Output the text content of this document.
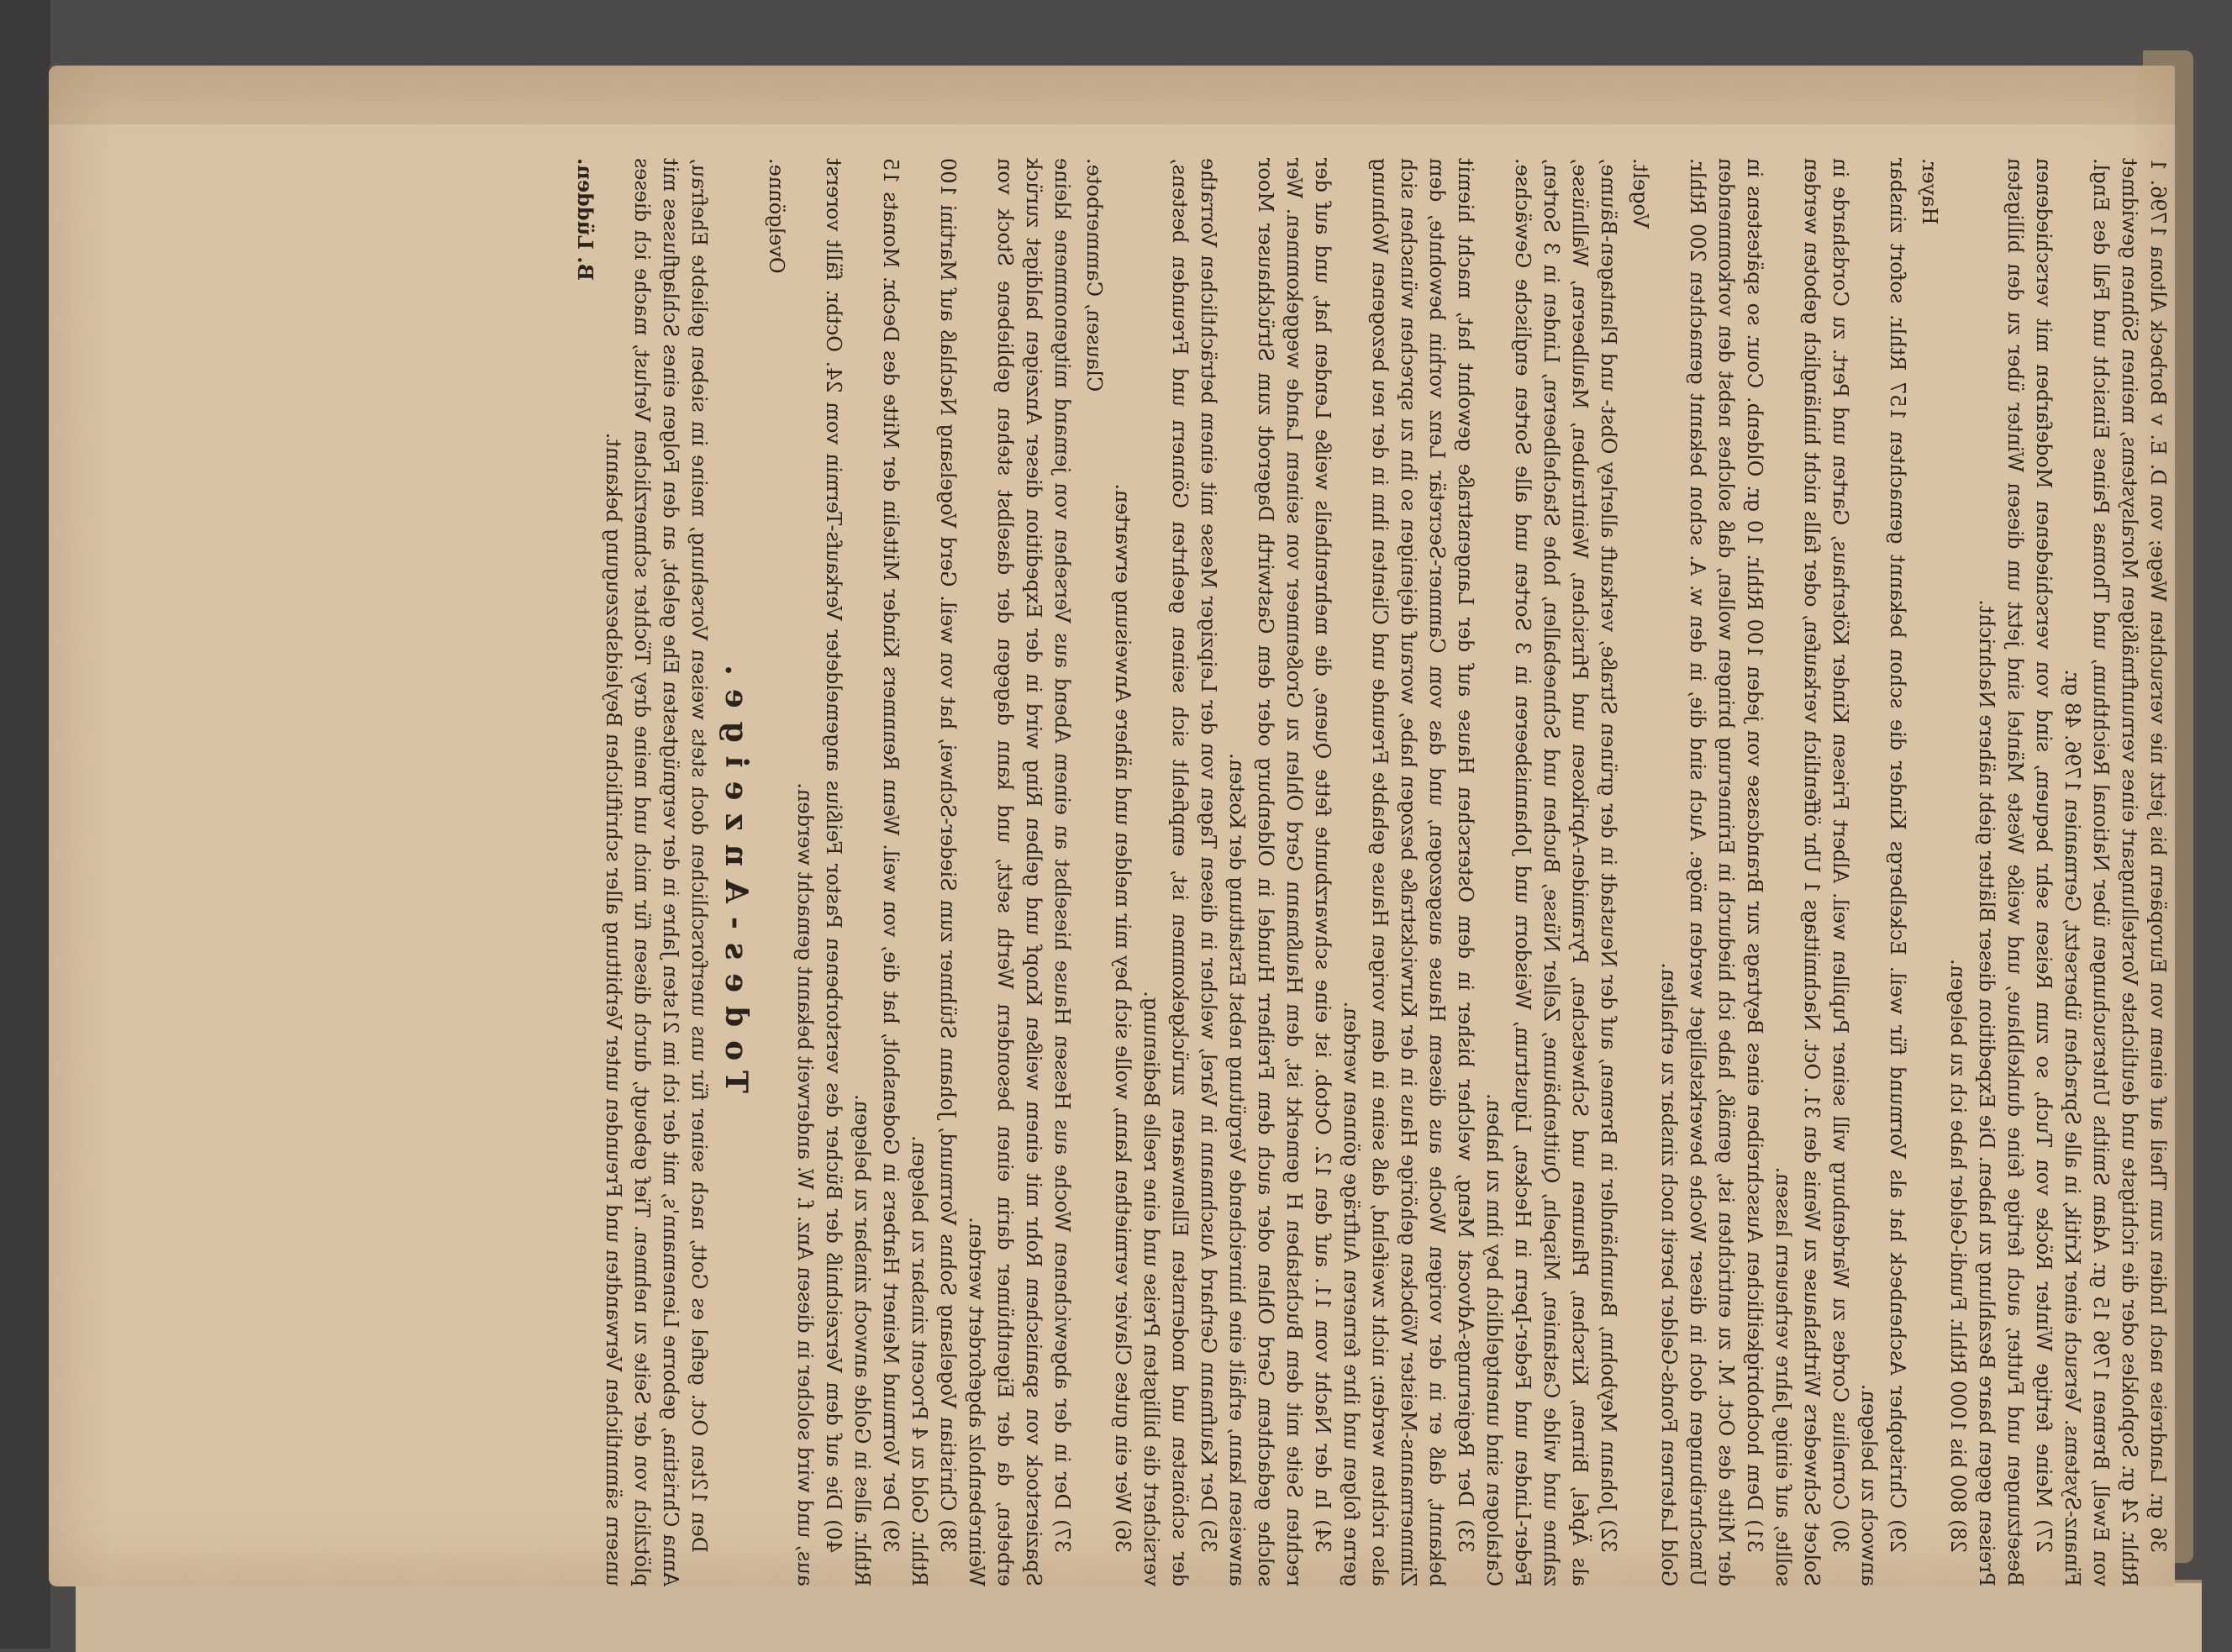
36 gr. Landreise nach Indien zum Theil auf einem von Europäern bis jetzt nie versuchten Wege; von D. E. v Borbeck Altona 1796. 1 Rthlr. 24 gr. Sophokles oder die richtigste und deutlichste Vorstellungsart eines vernunftmäßigen Moralsystems, meinen Söhnen gewidmet von Ewell, Bremen 1796 15 gr. Adam Smiths Untersuchungen über National Reichthum, und Thomas Paines Einsicht und Fall des Engl. Finanz-Systems. Versuch einer Kritik, in alle Sprachen übersetzt, Germanien 1796. 48 gr.

27) Meine fertige Winter Röcke von Tuch, so zum Reisen sehr bequem, sind von verschiedenen Modefarben mit verschiedenen Besetzungen und Futter, auch fertige feine dunkelblaue, und weiße Weste Mäntel sind jetzt um diesen Winter über zu den billigsten Preisen gegen baare Bezahlung zu haben. Die Expedition dieser Blätter giebt nähere Nachricht.

28) 800 bis 1000 Rthlr. Fundi-Gelder habe ich zu belegen.

Hayer.

29) Christopher Aschenbeck hat als Vormund für weil. Eckelbergs Kinder die schon bekannt gemachten 157 Rthlr. sofort zinsbar anwoch zu belegen.

30) Cornelius Cordes zu Wardenburg will seiner Pupillen weil. Albert Friesen Kinder Köterhaus, Garten und Pert. zu Cordsharde in Solcet Schweders Wirthshause zu Wenis den 31. Oct. Nachmittags 1 Uhr öffentlich verkaufen, oder falls nicht hinlänglich geboten werden sollte, auf einige Jahre verheuern lassen.

31) Dem hochobrigkeitlichen Ausschreiben eines Beytrags zur Brandcasse von jeden 100 Rthlr. 10 gr. Oldenb. Cour. so spätestens in der Mitte des Oct. M. zu entrichten ist, gemäß, habe ich hiedurch in Erinnerung bringen wollen, daß solches nebst den vorkommenden Umschreibungen doch in dieser Woche bewerkstelliget werden möge. Auch sind die, in den w. A. schon bekannt gemachten 200 Rthlr. Gold Laternen Fonds-Gelder bereit noch zinsbar zu erhalten.

Vogelt.

32) Johann Meybohm, Baumhändler in Bremen, auf der Neustadt in der grünen Straße, verkauft allerley Obst- und Plantagen-Bäume, als Äpfel, Birnen, Kirschen, Pflaumen und Schwetschen, Pyramiden-Aprikosen und Pfirsichen, Weintrauben, Maulbeeren, Wallnüsse, zahme und wilde Castanien, Mispeln, Quittenbäume, Zeller Nüsse, Buchen und Schneeballen, hohe Stachelbeeren, Linden in 3 Sorten, Feder-Linden und Feder-Ipern in Hecken, Ligustrum, Weisdorn und Johannisbeeren in 3 Sorten und alle Sorten englische Gewächse. Catalogen sind unentgeldlich bey ihm zu haben.

33) Der Regierungs-Advocat Meng, welcher bisher in dem Osterschen Hause auf der Langenstraße gewohnt hat, macht hiemit bekannt, daß er in der vorigen Woche aus diesem Hause ausgezogen, und das vom Cammer-Secretär Lenz vorhin bewohnte, dem Zimmermanns-Meister Wöbcken gehörige Haus in der Kurwickstraße bezogen habe, worauf diejenigen so ihn zu sprechen wünschen sich also richten werden; nicht zweifelnd, daß seine in dem vorigen Hause gehabte Freunde und Clienten ihm in der neu bezogenen Wohnung gerne folgen und ihre ferneren Aufträge gönnen werden.

34) In der Nacht vom 11. auf den 12. Octob. ist eine schwarzbunte fette Quene, die mehrentheils weiße Lenden hat, und auf der rechten Seite mit dem Buchstaben H gemerkt ist, dem Haußmann Gerd Ohlen zu Großenmeer von seinem Lande weggekommen. Wer solche gedachtem Gerd Ohlen oder auch dem Freiherr Hundel in Oldenburg oder dem Gastwirth Dagerodt zum Strückhauser Moor anweisen kann, erhält eine hinreichende Vergütung nebst Erstattung der Kosten.

35) Der Kaufmann Gerhard Auschmann in Varel, welcher in diesen Tagen von der Leipziger Messe mit einem beträchtlichen Vorrathe der schönsten und modernsten Ellenwaaren zurückgekommen ist, empfiehlt sich seinen geehrten Gönnern und Freunden bestens, versichert die billigsten Preise und eine reelle Bedienung.

36) Wer ein gutes Clavier vermiethen kann, wolle sich bey mir melden und nähere Anweisung erwarten.

Clausen, Cammerbote.

37) Der in der abgewichenen Woche aus Hessen Hause hieselbst an einem Abend aus Versehen von jemand mitgenommene kleine Spazierstock von spanischem Rohr mit einem weißen Knopf und gelben Ring wird in der Expedition dieser Anzeigen baldigst zurück erbeten, da der Eigenthümer darin einen besondern Werth setzt, und kann dagegen der daselbst stehen gebliebene Stock von Weinrebenholz abgefordert werden.

38) Christian Vogelsang Sohns Vormund, Johann Stühmer zum Sieder-Schwei, hat von weil. Gerd Vogelsang Nachlaß auf Martini 100 Rthlr. Gold zu 4 Procent zinsbar zu belegen.

39) Der Vormund Meinert Harbers in Godensholt, hat die, von weil. Wenn Rennmers Kinder Mittelin der Mitte des Decbr. Monats 15 Rthlr. alles in Golde anwoch zinsbar zu belegen.

40) Die auf dem Verzeichniß der Bücher des verstorbenen Pastor Feißius angemeldeter Verkaufs-Termin vom 24. Octbr. fällt vorerst aus, und wird solcher in diesen Anz. f. W. anderweit bekannt gemacht werden.

Ovelgönne.

Todes-Anzeige.

Den 12ten Oct. gefiel es Gott, nach seiner für uns unerforschlichen doch stets weisen Vorsehung, meine im sieben geliebte Ehefrau, Anna Christina, geborne Lienemann's, mit der ich im 21sten Jahre in der vergnügtesten Ehe gelebt, an den Folgen eines Schlagflusses mit plötzlich von der Seite zu nehmen. Tief gebeugt, durch diesen für mich und meine drey Töchter schmerzlichen Verlust, mache ich dieses unsern sämmtlichen Verwandten und Freunden unter Verbittung aller schriftlichen Beyleidsbezeugung bekannt.

B. Lüdden.
